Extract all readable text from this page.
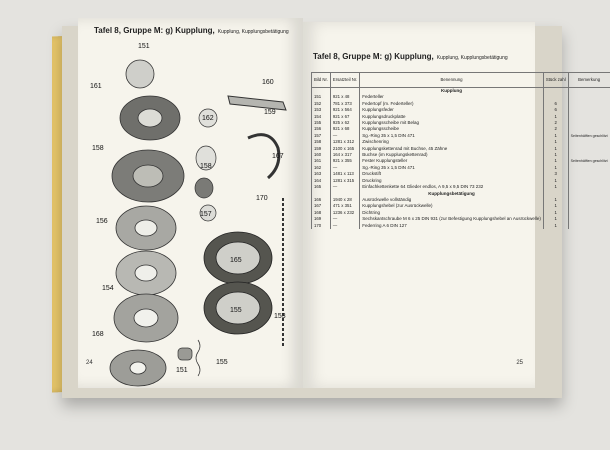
Tafel 8, Gruppe M: g) Kupplung, Kupplung, Kupplungsbetätigung
151
161
162
160
158
159
156
157
167
158
170
165
155
154
155
153
168
151
24
Tafel 8, Gruppe M: g) Kupplung, Kupplung, Kupplungsbetätigung
Bild Nr.	Ersatzteil Nr.	Benennung	Stück zahl	Bemerkung
		Kupplung		
151	921 x 48	Federteller		
152	781 x 373	Federtopf (m. Federteller)	6	
153	921 x 564	Kupplungsfeder	6	
154	921 x 67	Kupplungsdruckplatte	1	
155	925 x 62	Kupplungsscheibe mit Belag	2	
156	921 x 68	Kupplungsscheibe	2	
157	—	Sg.-Ring 35 x 1,5 DIN 471	1	Seitenhälften geschlitzt
158	1281 x 312	Zwischenring	1	
159	2100 x 165	Kupplungskettenrad mit Buchse, 45 Zähne	1	
160	164 x 317	Buchse (im Kupplungskettenrad)	1	
161	921 x 355	Fester Kupplungsteller	1	Seitenhälften geschlitzt
162	—	Sg.-Ring 35 x 1,5 DIN 471	1	
163	1481 x 113	Druckstift	3	
164	1281 x 315	Druckring	1	
165	—	Einfachkettenkette 64 Glieder endlos, A 9,5 x 9,5 DIN 73 232	1	
		Kupplungsbetätigung		
166	1940 x 28	Ausrückwelle vollständig	1	
167	471 x 351	Kupplungshebel (zur Ausrückwelle)	1	
168	1236 x 232	Dichtring	1	
169	—	Sechskantschraube M 6 x 25 DIN 931 (zur Befestigung Kupplungshebel an Ausrückwelle)	1	
170	—	Federring A 6 DIN 127	1	
25
